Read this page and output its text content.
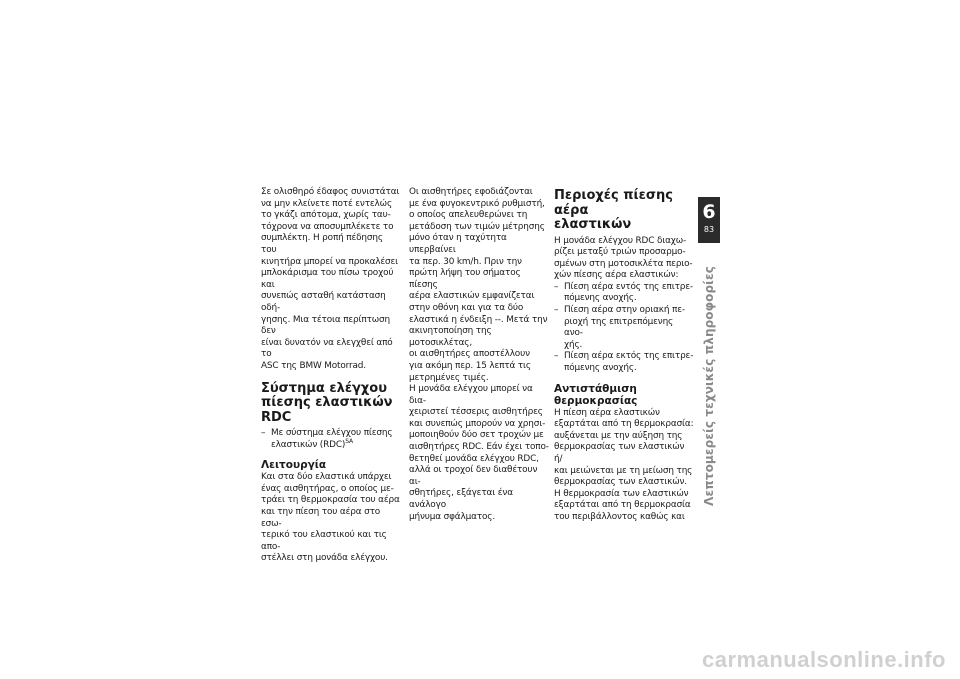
Σε ολισθηρό έδαφος συνιστάται
να μην κλείνετε ποτέ εντελώς
το γκάζι απότομα, χωρίς ταυ-
τόχρονα να αποσυμπλέκετε το
συμπλέκτη. Η ροπή πέδησης του
κινητήρα μπορεί να προκαλέσει
μπλοκάρισμα του πίσω τροχού και
συνεπώς ασταθή κατάσταση οδή-
γησης. Μια τέτοια περίπτωση δεν
είναι δυνατόν να ελεγχθεί από το
ASC της BMW Motorrad.

Σύστημα ελέγχου
πίεσης ελαστικών RDC
– Με σύστημα ελέγχου πίεσης
ελαστικών (RDC)$^{SA}$
Λειτουργία

Και στα δύο ελαστικά υπάρχει
ένας αισθητήρας, ο οποίος με-
τράει τη θερμοκρασία του αέρα
και την πίεση του αέρα στο εσω-
τερικό του ελαστικού και τις απο-
στέλλει στη μονάδα ελέγχου.

Οι αισθητήρες εφοδιάζονται
με ένα φυγοκεντρικό ρυθμιστή,
ο οποίος απελευθερώνει τη
μετάδοση των τιμών μέτρησης
μόνο όταν η ταχύτητα υπερβαίνει
τα περ. 30 km/h. Πριν την
πρώτη λήψη του σήματος πίεσης
αέρα ελαστικών εμφανίζεται
στην οθόνη και για τα δύο
ελαστικά η ένδειξη --. Μετά την
ακινητοποίηση της μοτοσικλέτας,
οι αισθητήρες αποστέλλουν
για ακόμη περ. 15 λεπτά τις
μετρημένες τιμές.
Η μονάδα ελέγχου μπορεί να δια-
χειριστεί τέσσερις αισθητήρες
και συνεπώς μπορούν να χρησι-
μοποιηθούν δύο σετ τροχών με
αισθητήρες RDC. Εάν έχει τοπο-
θετηθεί μονάδα ελέγχου RDC,
αλλά οι τροχοί δεν διαθέτουν αι-
σθητήρες, εξάγεται ένα ανάλογο
μήνυμα σφάλματος.

Περιοχές πίεσης αέρα
ελαστικών

Η μονάδα ελέγχου RDC διαχω-
ρίζει μεταξύ τριών προσαρμο-
σμένων στη μοτοσικλέτα περιο-
χών πίεσης αέρα ελαστικών:

– Πίεση αέρα εντός της επιτρε-
πόμενης ανοχής.
– Πίεση αέρα στην οριακή πε-
ριοχή της επιτρεπόμενης ανο-
χής.
– Πίεση αέρα εκτός της επιτρε-
πόμενης ανοχής.
Αντιστάθμιση
θερμοκρασίας

Η πίεση αέρα ελαστικών
εξαρτάται από τη θερμοκρασία:
αυξάνεται με την αύξηση της
θερμοκρασίας των ελαστικών ή/
και μειώνεται με τη μείωση της
θερμοκρασίας των ελαστικών.
Η θερμοκρασία των ελαστικών
εξαρτάται από τη θερμοκρασία
του περιβάλλοντος καθώς και

6
83
Λεπτομερείς τεχνικές πληροφορίες
carmanualsonline.info
